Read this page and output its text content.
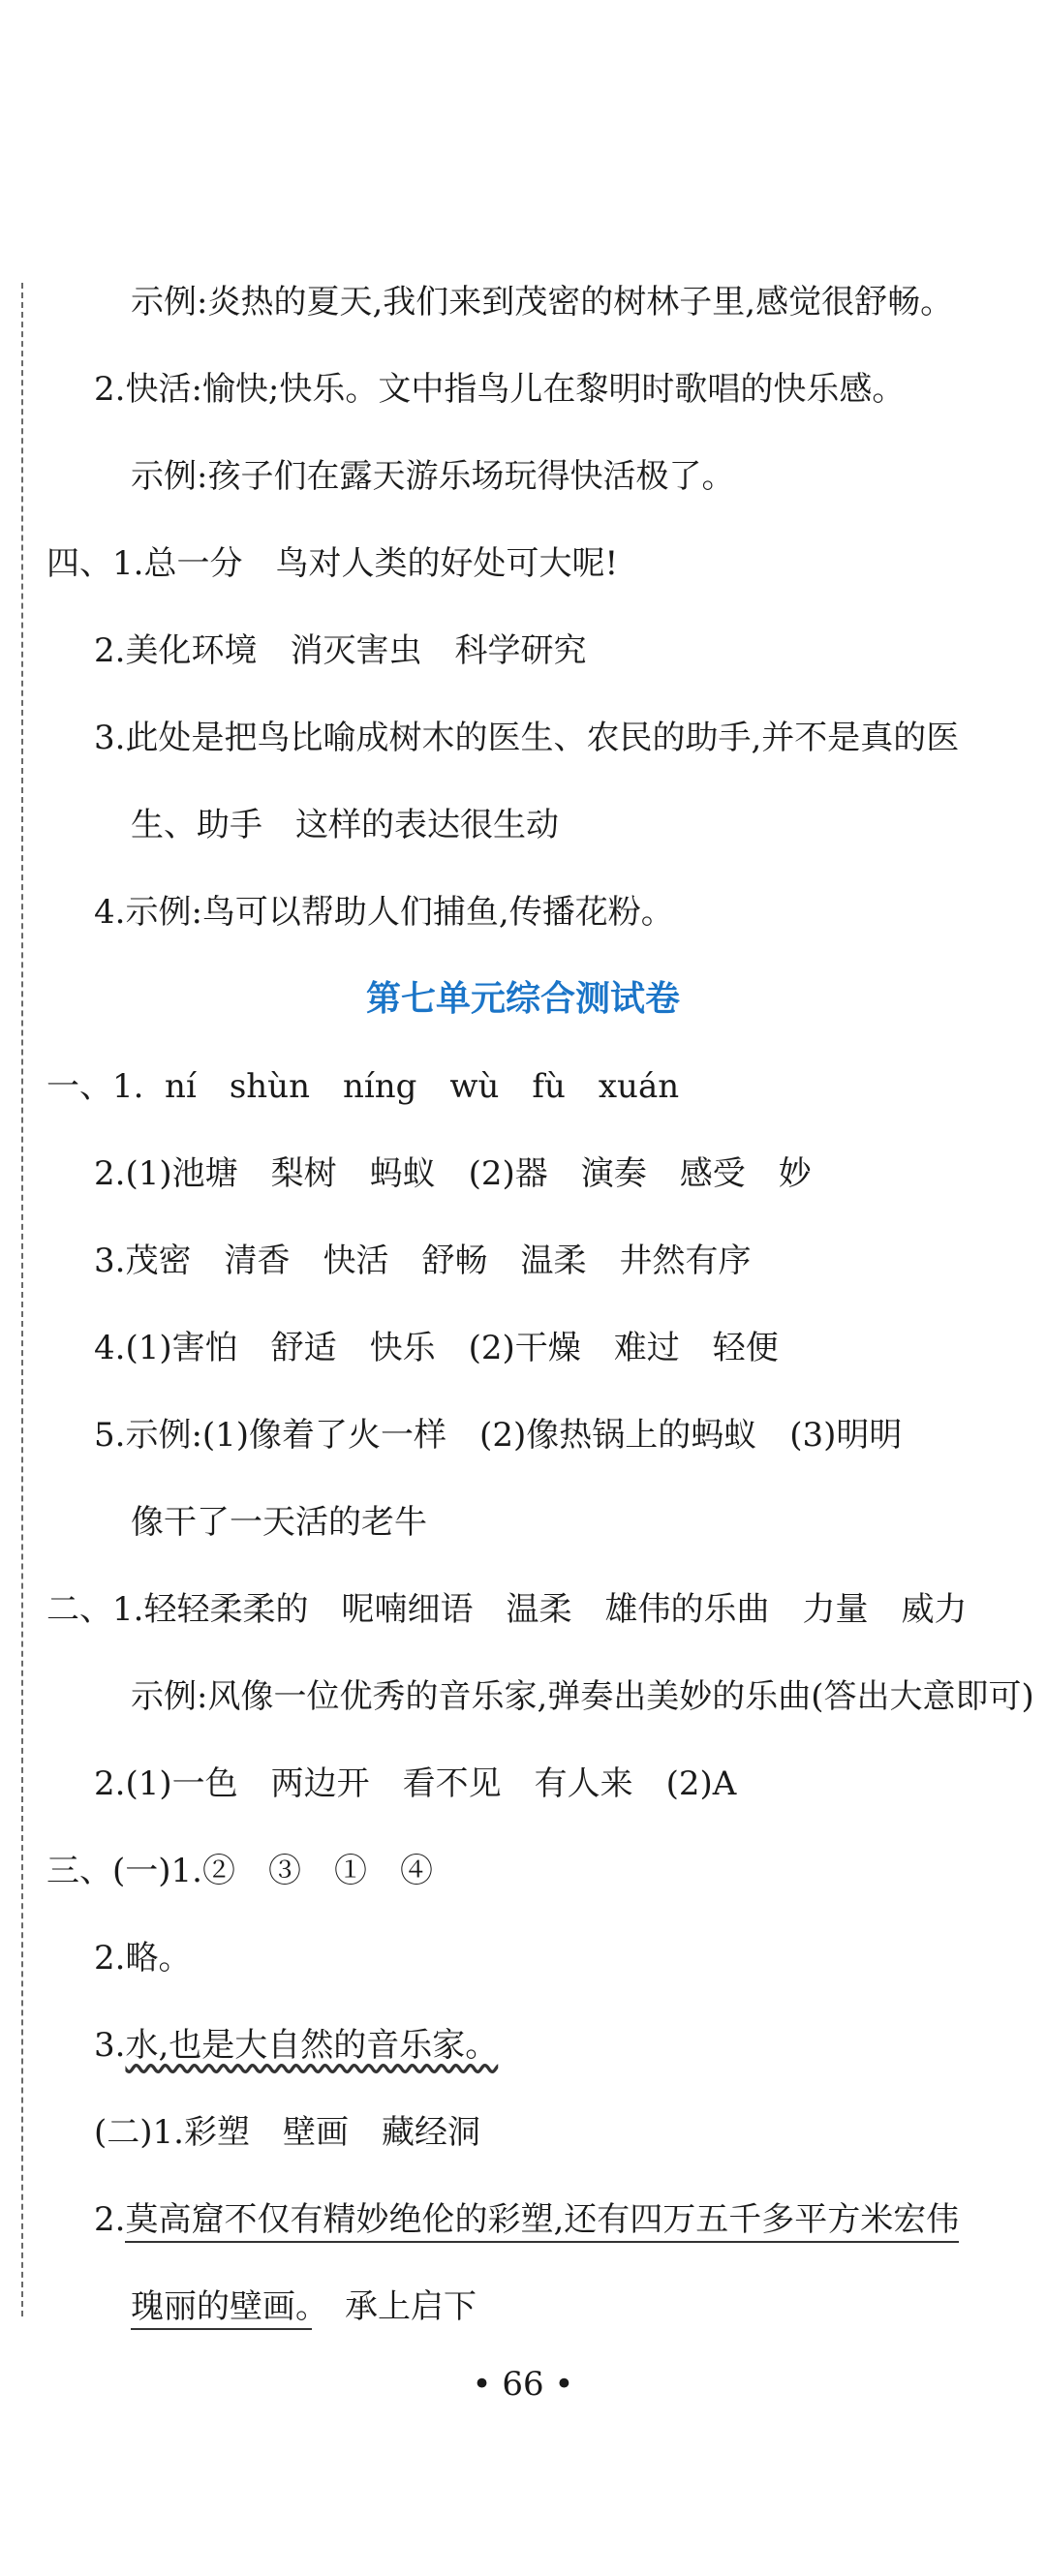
示例:炎热的夏天,我们来到茂密的树林子里,感觉很舒畅。
2.快活:愉快;快乐。文中指鸟儿在黎明时歌唱的快乐感。
示例:孩子们在露天游乐场玩得快活极了。
四、1.总一分　鸟对人类的好处可大呢!
2.美化环境　消灭害虫　科学研究
3.此处是把鸟比喻成树木的医生、农民的助手,并不是真的医
生、助手　这样的表达很生动
4.示例:鸟可以帮助人们捕鱼,传播花粉。
第七单元综合测试卷
一、1.  ní　shùn　níng　wù　fù　xuán
2.(1)池塘　梨树　蚂蚁　(2)器　演奏　感受　妙
3.茂密　清香　快活　舒畅　温柔　井然有序
4.(1)害怕　舒适　快乐　(2)干燥　难过　轻便
5.示例:(1)像着了火一样　(2)像热锅上的蚂蚁　(3)明明
像干了一天活的老牛
二、1.轻轻柔柔的　呢喃细语　温柔　雄伟的乐曲　力量　威力
示例:风像一位优秀的音乐家,弹奏出美妙的乐曲(答出大意即可)
2.(1)一色　两边开　看不见　有人来　(2)A
三、(一)1.②　③　①　④
2.略。
3.水,也是大自然的音乐家。
(二)1.彩塑　壁画　藏经洞
2.莫高窟不仅有精妙绝伦的彩塑,还有四万五千多平方米宏伟
瑰丽的壁画。　承上启下
• 66 •
